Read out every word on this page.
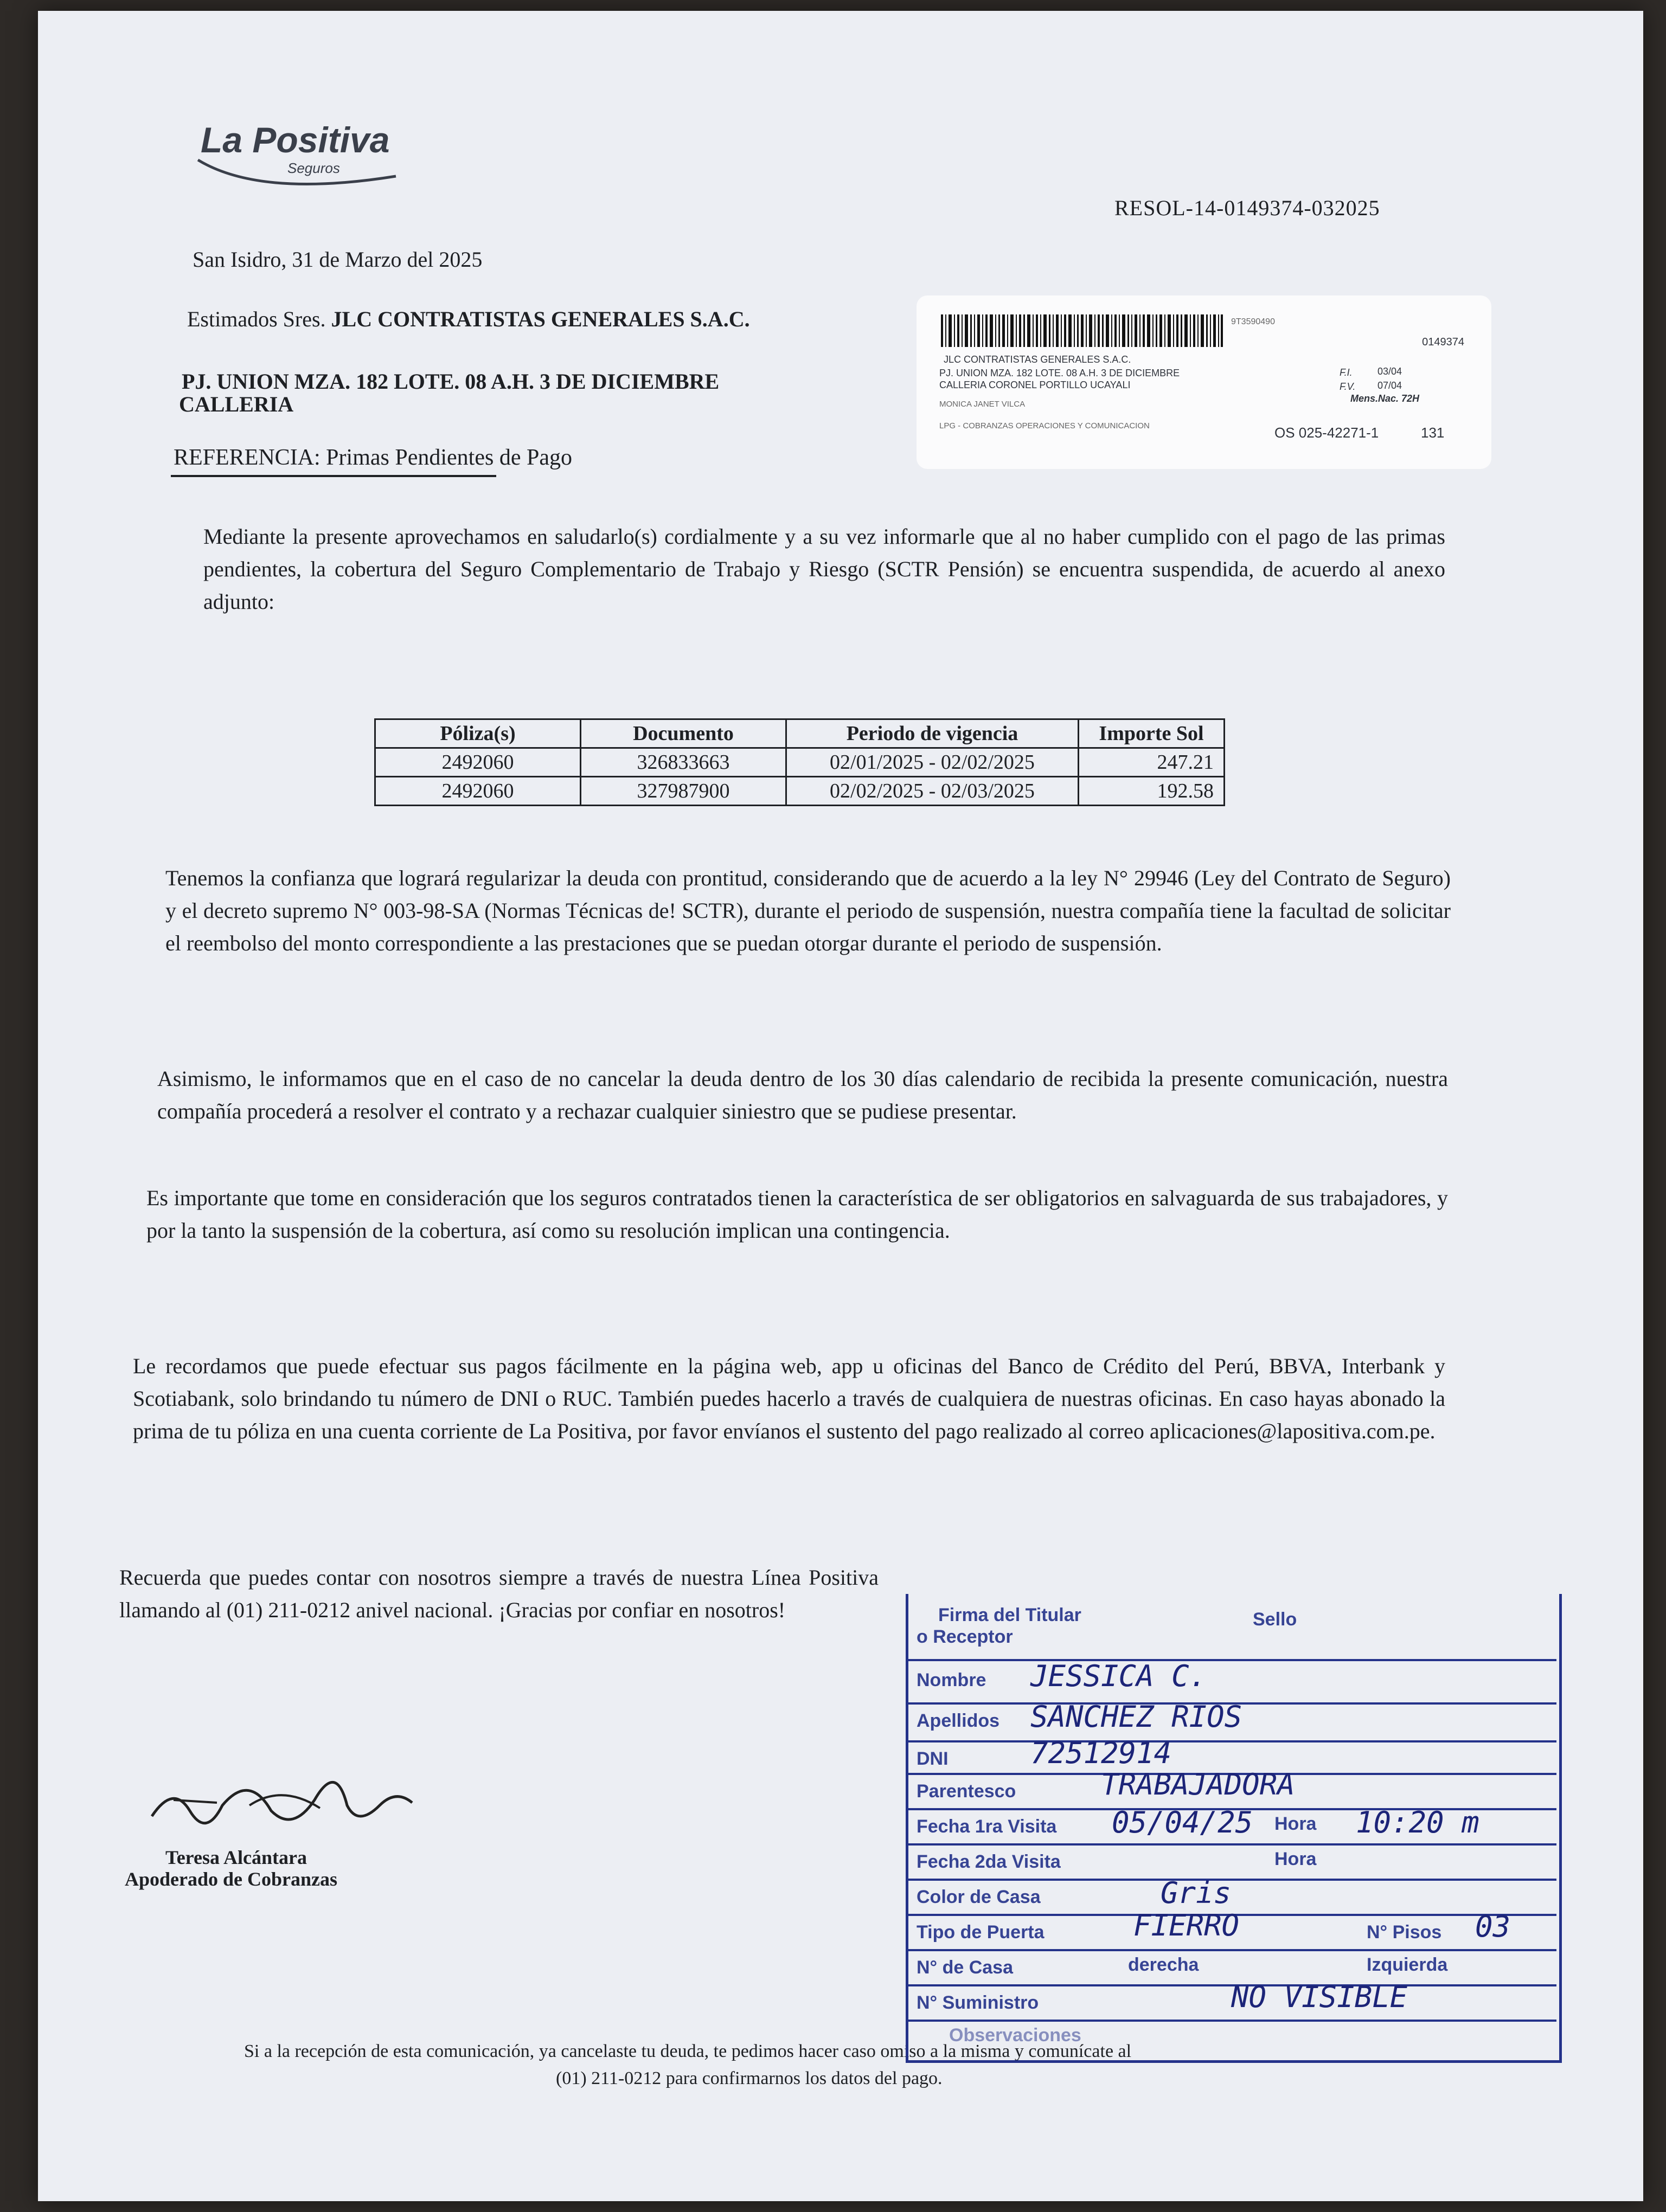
La Positiva
Seguros
RESOL-14-0149374-032025
San Isidro, 31 de Marzo del 2025
Estimados Sres. JLC CONTRATISTAS GENERALES S.A.C.
PJ. UNION MZA. 182 LOTE. 08 A.H. 3 DE DICIEMBRE
CALLERIA
REFERENCIA: Primas Pendientes de Pago
9T3590490
0149374
JLC CONTRATISTAS GENERALES S.A.C.
PJ. UNION MZA. 182 LOTE. 08 A.H. 3 DE DICIEMBRE
CALLERIA CORONEL PORTILLO UCAYALI
MONICA JANET VILCA
LPG - COBRANZAS OPERACIONES Y COMUNICACION
F.I.	03/04
F.V. 07/04
Mens.Nac. 72H
OS 025-42271-1	131
Mediante la presente aprovechamos en saludarlo(s) cordialmente y a su vez informarle que al no haber cumplido con el pago de las primas pendientes, la cobertura del Seguro Complementario de Trabajo y Riesgo (SCTR Pensión) se encuentra suspendida, de acuerdo al anexo adjunto:
Póliza(s)	Documento	Periodo de vigencia	Importe Sol
2492060	326833663	02/01/2025 - 02/02/2025	247.21
2492060	327987900	02/02/2025 - 02/03/2025	192.58
Tenemos la confianza que logrará regularizar la deuda con prontitud, considerando que de acuerdo a la ley N° 29946 (Ley del Contrato de Seguro) y el decreto supremo N° 003-98-SA (Normas Técnicas de! SCTR), durante el periodo de suspensión, nuestra compañía tiene la facultad de solicitar el reembolso del monto correspondiente a las prestaciones que se puedan otorgar durante el periodo de suspensión.
Asimismo, le informamos que en el caso de no cancelar la deuda dentro de los 30 días calendario de recibida la presente comunicación, nuestra compañía procederá a resolver el contrato y a rechazar cualquier siniestro que se pudiese presentar.
Es importante que tome en consideración que los seguros contratados tienen la característica de ser obligatorios en salvaguarda de sus trabajadores, y por la tanto la suspensión de la cobertura, así como su resolución implican una contingencia.
Le recordamos que puede efectuar sus pagos fácilmente en la página web, app u oficinas del Banco de Crédito del Perú, BBVA, Interbank y Scotiabank, solo brindando tu número de DNI o RUC. También puedes hacerlo a través de cualquiera de nuestras oficinas. En caso hayas abonado la prima de tu póliza en una cuenta corriente de La Positiva, por favor envíanos el sustento del pago realizado al correo aplicaciones@lapositiva.com.pe.
Recuerda que puedes contar con nosotros siempre a través de nuestra Línea Positiva llamando al (01) 211-0212 anivel nacional. ¡Gracias por confiar en nosotros!
Teresa Alcántara
Apoderado de Cobranzas
Si a la recepción de esta comunicación, ya cancelaste tu deuda, te pedimos hacer caso omiso a la misma y comunícate al
(01) 211-0212 para confirmarnos los datos del pago.
Firma del Titular	Sello
o Receptor
Nombre JESSICA C.
Apellidos SANCHEZ RIOS
DNI	72512914
Parentesco	TRABAJADORA
Fecha 1ra Visita 05/04/25 Hora 10:20 m
Fecha 2da Visita	Hora
Color de Casa	Gris
Tipo de Puerta	FIERRO	N° Pisos 03
N° de Casa	derecha	Izquierda
N° Suministro	NO VISIBLE
Observaciones
